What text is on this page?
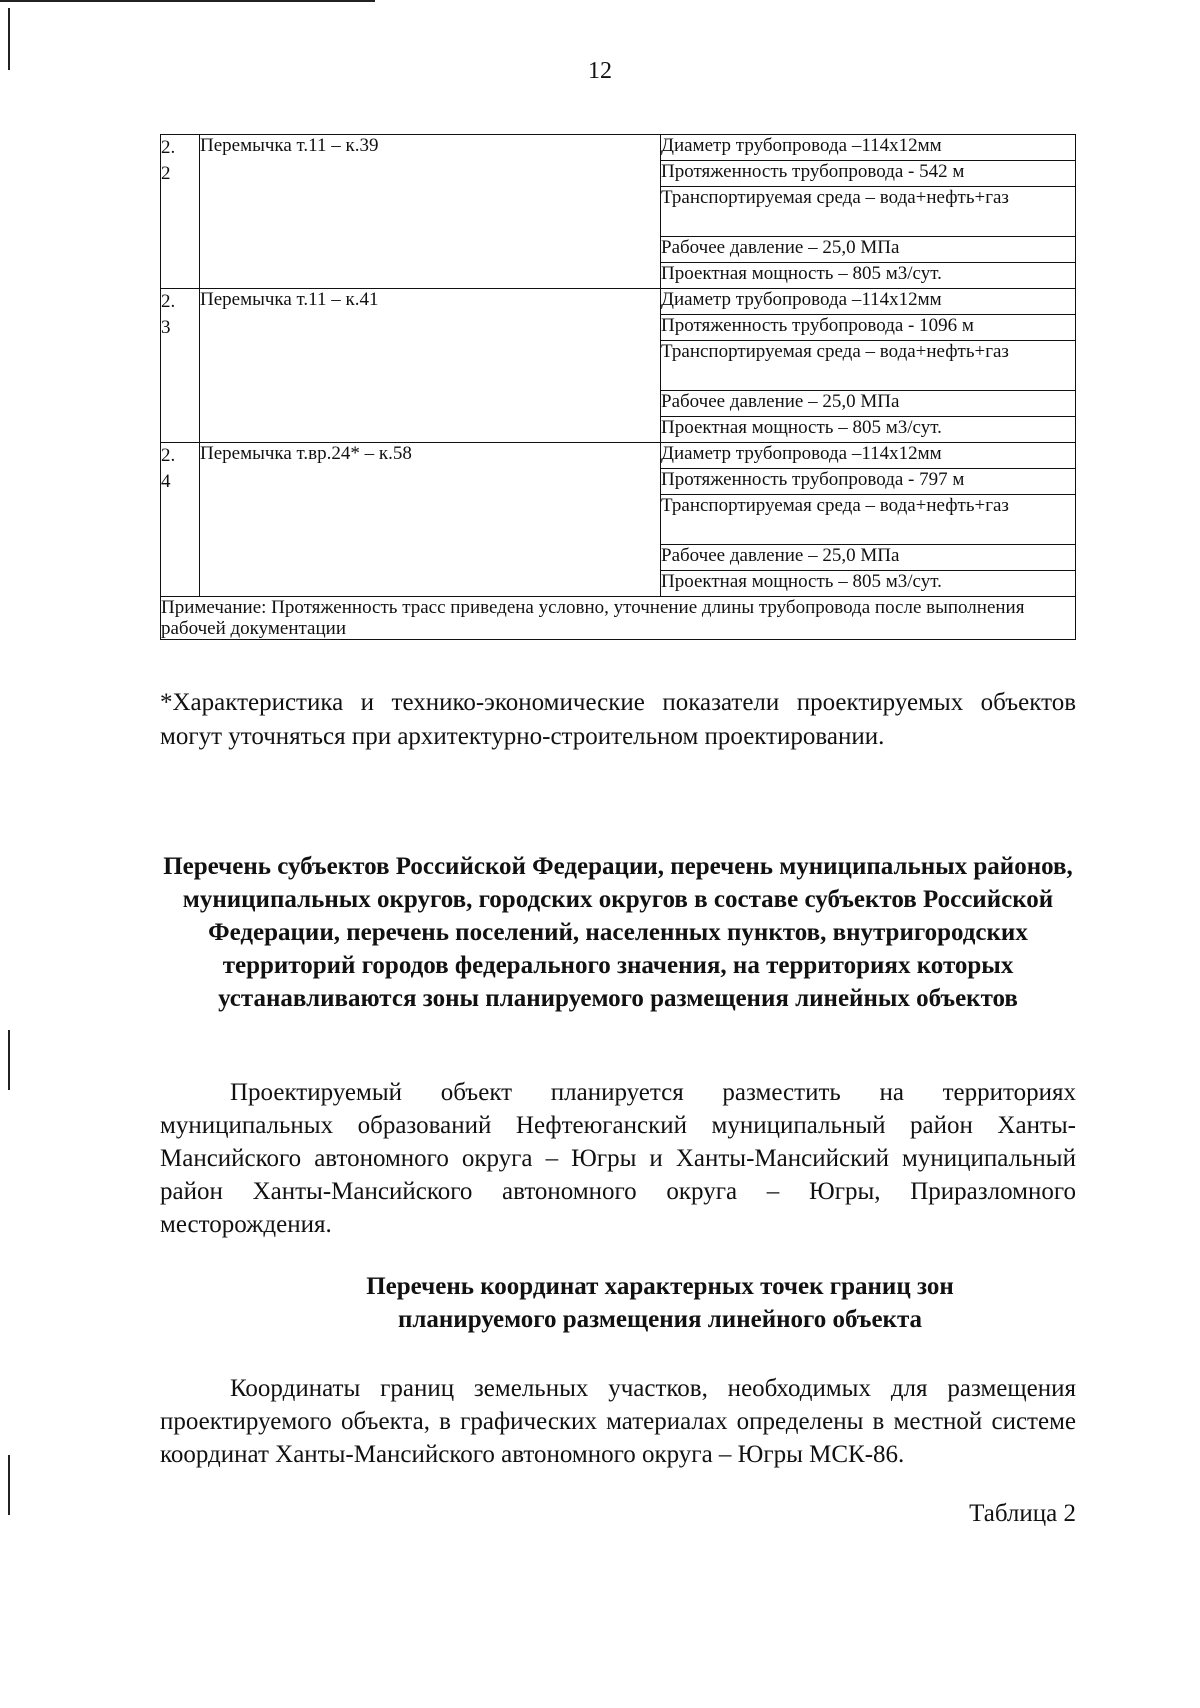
12
2.
2	Перемычка т.11 – к.39	Диаметр трубопровода –114х12мм
		Протяженность трубопровода - 542 м
		Транспортируемая среда – вода+нефть+газ
		Рабочее давление – 25,0 МПа
		Проектная мощность – 805 м3/сут.
2.
3	Перемычка т.11 – к.41	Диаметр трубопровода –114х12мм
		Протяженность трубопровода - 1096 м
		Транспортируемая среда – вода+нефть+газ
		Рабочее давление – 25,0 МПа
		Проектная мощность – 805 м3/сут.
2.
4	Перемычка т.вр.24* – к.58	Диаметр трубопровода –114х12мм
		Протяженность трубопровода - 797 м
		Транспортируемая среда – вода+нефть+газ
		Рабочее давление – 25,0 МПа
		Проектная мощность – 805 м3/сут.
Примечание: Протяженность трасс приведена условно, уточнение длины трубопровода после выполнения рабочей документации		
*Характеристика и технико-экономические показатели проектируемых объектов могут уточняться при архитектурно-строительном проектировании.
Перечень субъектов Российской Федерации, перечень муниципальных районов, муниципальных округов, городских округов в составе субъектов Российской Федерации, перечень поселений, населенных пунктов, внутригородских территорий городов федерального значения, на территориях которых устанавливаются зоны планируемого размещения линейных объектов
Проектируемый объект планируется разместить на территориях муниципальных образований Нефтеюганский муниципальный район Ханты-Мансийского автономного округа – Югры и Ханты-Мансийский муниципальный район Ханты-Мансийского автономного округа – Югры, Приразломного месторождения.
Перечень координат характерных точек границ зон планируемого размещения линейного объекта
Координаты границ земельных участков, необходимых для размещения проектируемого объекта, в графических материалах определены в местной системе координат Ханты-Мансийского автономного округа – Югры МСК-86.
Таблица 2
